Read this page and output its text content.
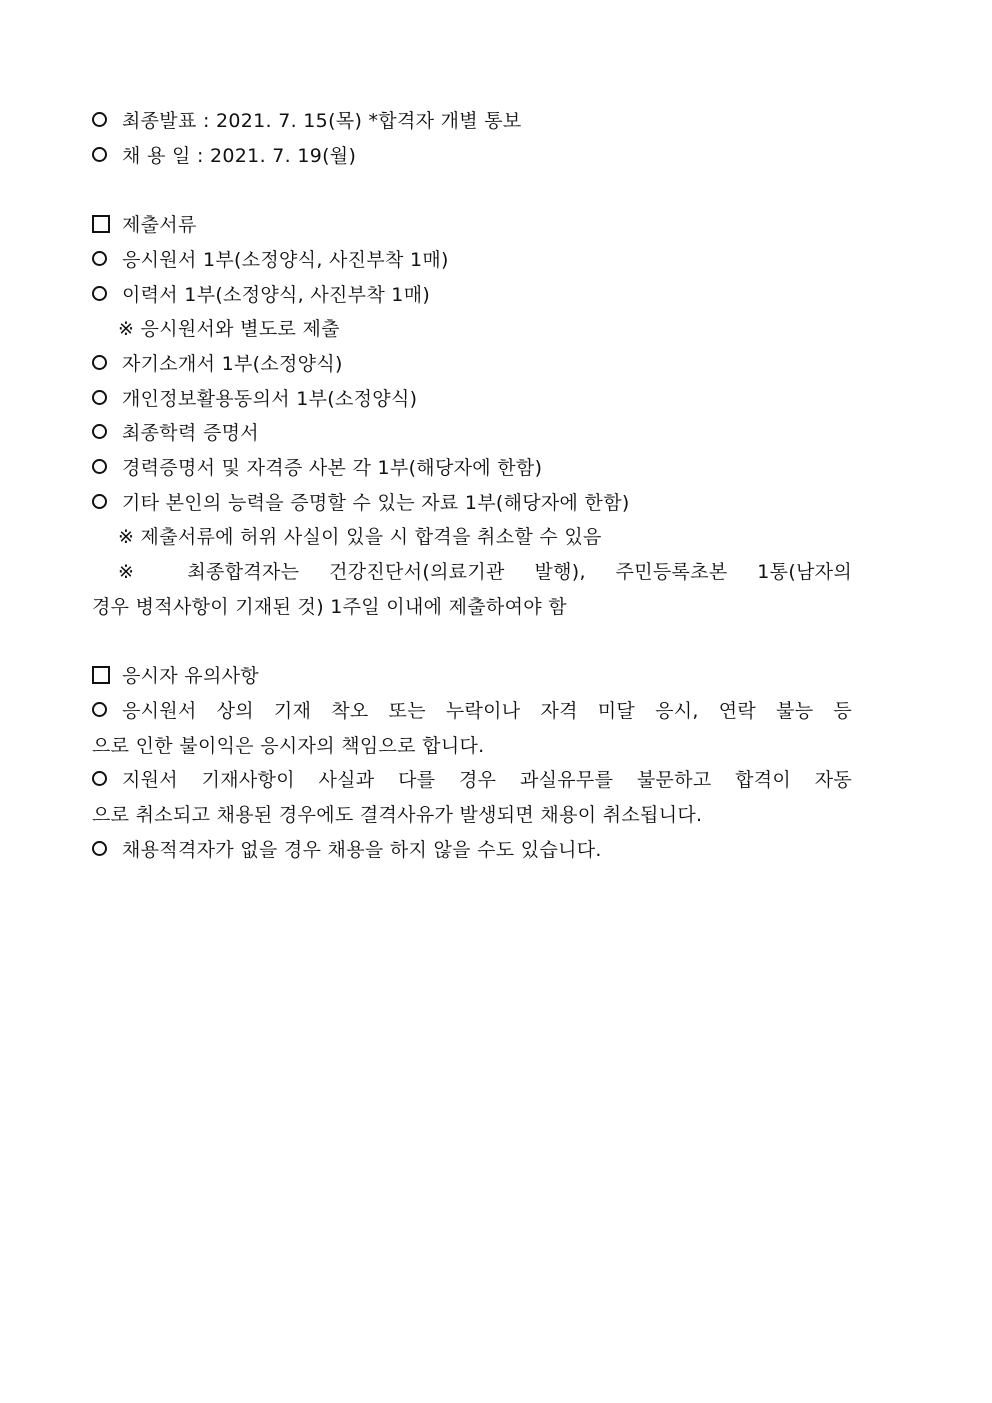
최종발표 : 2021. 7. 15(목) *합격자 개별 통보
채 용 일 : 2021. 7. 19(월)
제출서류
응시원서 1부(소정양식, 사진부착 1매)
이력서 1부(소정양식, 사진부착 1매)
※ 응시원서와 별도로 제출
자기소개서 1부(소정양식)
개인정보활용동의서 1부(소정양식)
최종학력 증명서
경력증명서 및 자격증 사본 각 1부(해당자에 한함)
기타 본인의 능력을 증명할 수 있는 자료 1부(해당자에 한함)
※ 제출서류에 허위 사실이 있을 시 합격을 취소할 수 있음
※ 최종합격자는 건강진단서(의료기관 발행), 주민등록초본 1통(남자의
경우 병적사항이 기재된 것) 1주일 이내에 제출하여야 함
응시자 유의사항
응시원서 상의 기재 착오 또는 누락이나 자격 미달 응시, 연락 불능 등
으로 인한 불이익은 응시자의 책임으로 합니다.
지원서 기재사항이 사실과 다를 경우 과실유무를 불문하고 합격이 자동
으로 취소되고 채용된 경우에도 결격사유가 발생되면 채용이 취소됩니다.
채용적격자가 없을 경우 채용을 하지 않을 수도 있습니다.
